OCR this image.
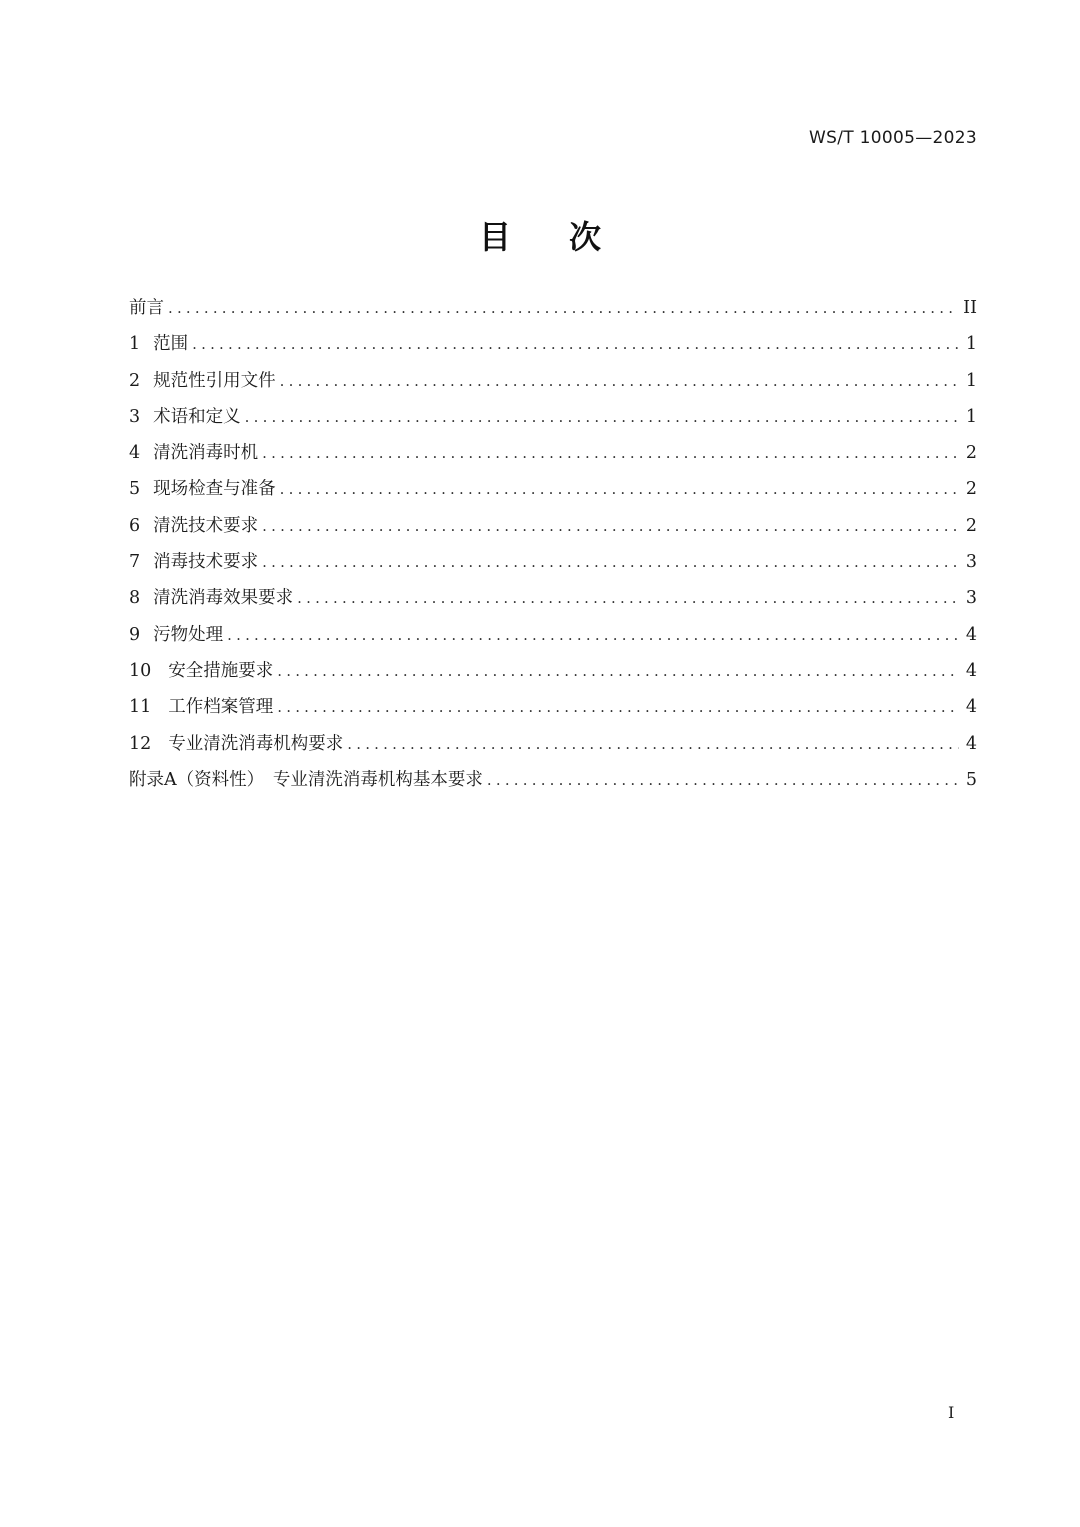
WS/T 10005—2023
目次
前言 .....	II
1 范围 .....	1
2 规范性引用文件 .....	1
3 术语和定义 .....	1
4 清洗消毒时机 .....	2
5 现场检查与准备 .....	2
6 清洗技术要求 .....	2
7 消毒技术要求 .....	3
8 清洗消毒效果要求 .....	3
9 污物处理 .....	4
10 安全措施要求 .....	4
11 工作档案管理 .....	4
12 专业清洗消毒机构要求 .....	4
附录A（资料性）　专业清洗消毒机构基本要求 .....	5
I
